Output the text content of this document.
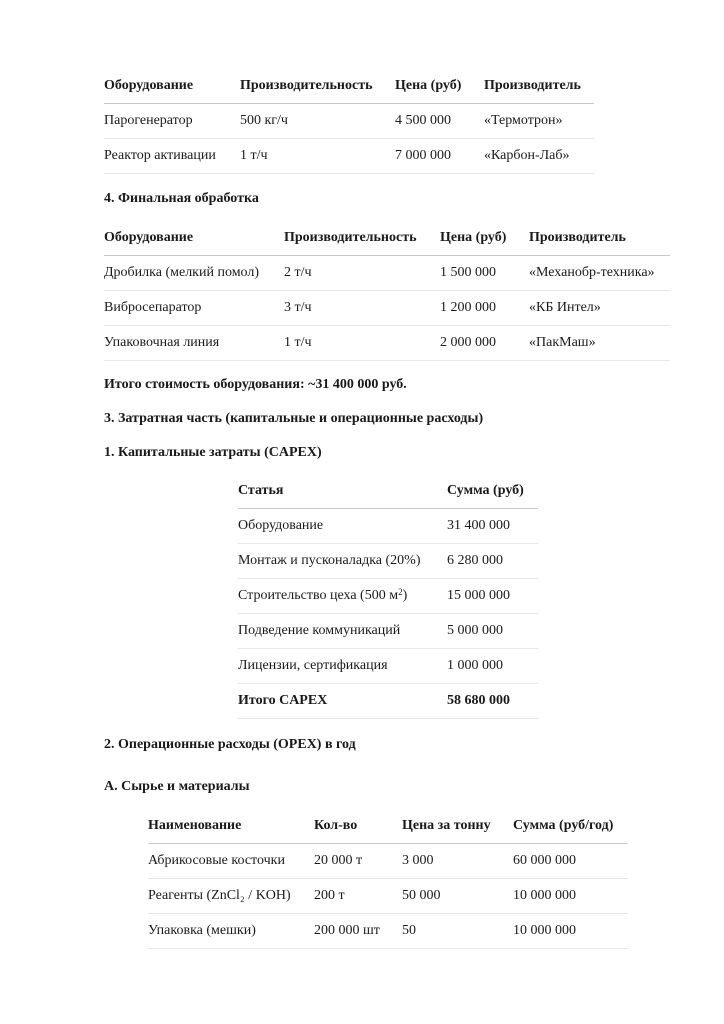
Оборудование	Производительность	Цена (руб)	Производитель
Парогенератор	500 кг/ч	4 500 000	«Термотрон»
Реактор активации	1 т/ч	7 000 000	«Карбон-Лаб»
4. Финальная обработка
Оборудование	Производительность	Цена (руб)	Производитель
Дробилка (мелкий помол)	2 т/ч	1 500 000	«Механобр-техника»
Вибросепаратор	3 т/ч	1 200 000	«КБ Интел»
Упаковочная линия	1 т/ч	2 000 000	«ПакМаш»
Итого стоимость оборудования: ~31 400 000 руб.
3. Затратная часть (капитальные и операционные расходы)
1. Капитальные затраты (CAPEX)
Статья	Сумма (руб)
Оборудование	31 400 000
Монтаж и пусконаладка (20%)	6 280 000
Строительство цеха (500 $м^2$)	15 000 000
Подведение коммуникаций	5 000 000
Лицензии, сертификация	1 000 000
Итого CAPEX	58 680 000
2. Операционные расходы (OPEX) в год
А. Сырье и материалы
Наименование	Кол-во	Цена за тонну	Сумма (руб/год)
Абрикосовые косточки	20 000 т	3 000	60 000 000
Реагенты (ZnCl₂ / KOH)	200 т	50 000	10 000 000
Упаковка (мешки)	200 000 шт	50	10 000 000
